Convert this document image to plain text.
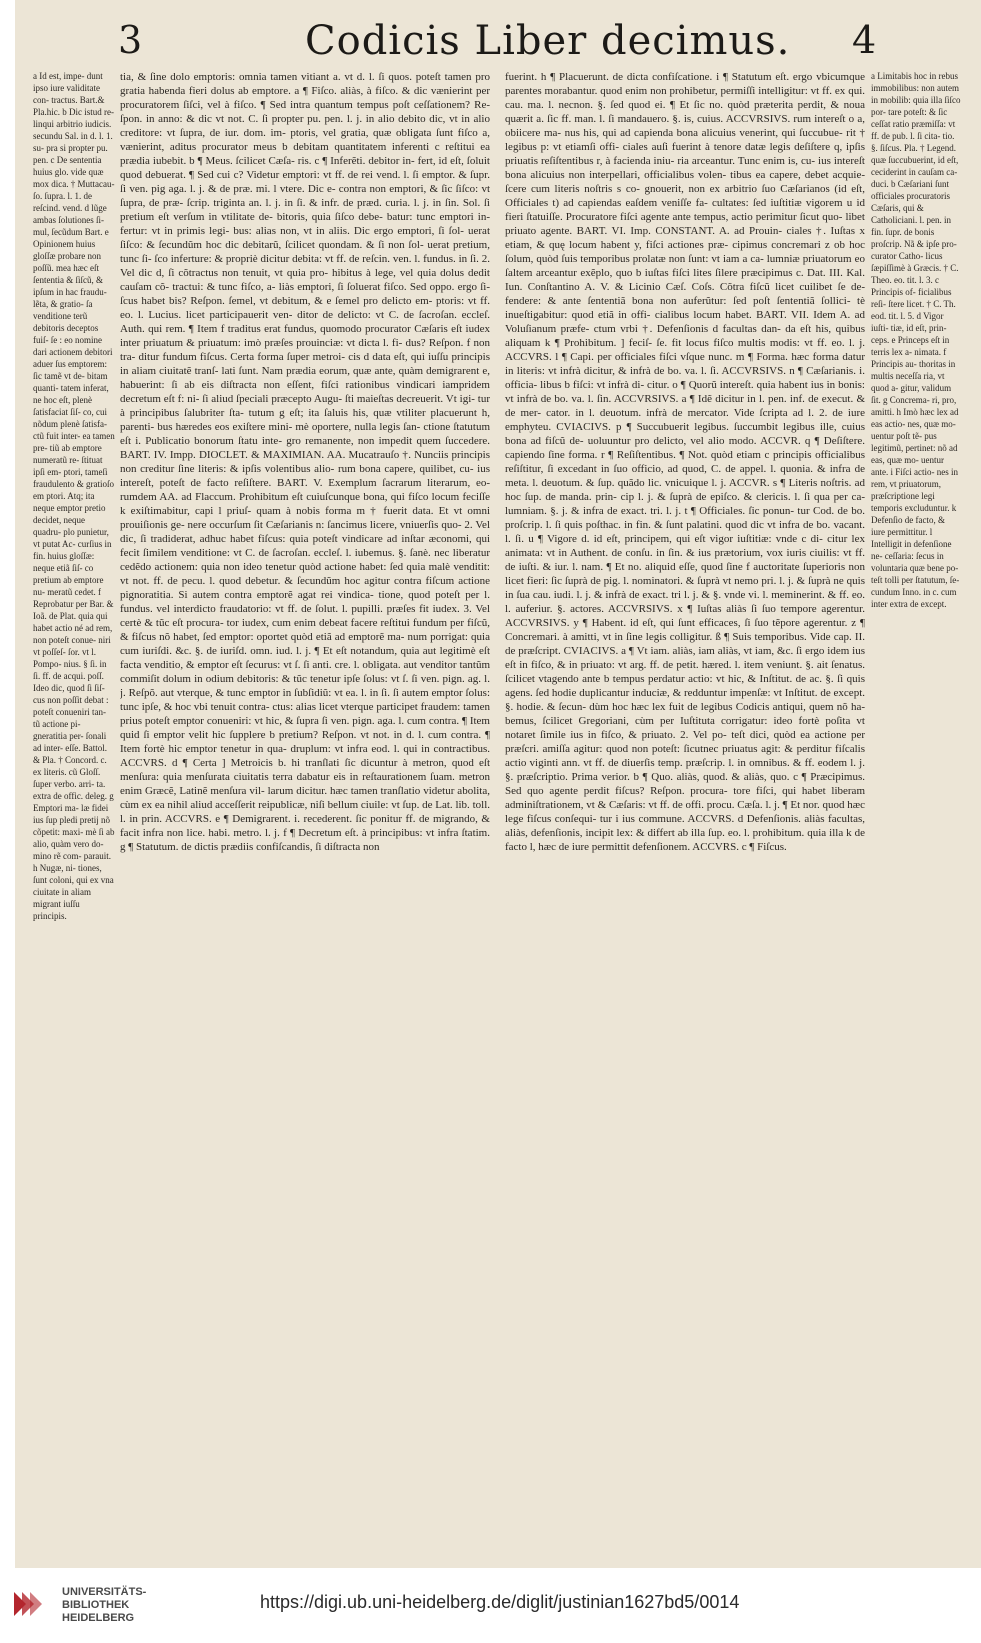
3	Codicis Liber decimus. 4

a Id est, impe- dunt ipso iure validitate con- tractus. Bart.& Pla.hic. b Dic istud re- linqui arbitrio iudicis. secundu Sal. in d. l. 1. su- pra si propter pu. pen. c De sententia huius glo. vide quæ mox dica. † Muttacau- ſo. ſupra. l. 1. de reſcind. vend. d lũge ambas ſolutiones ſi- mul, ſecũdum Bart. e Opinionem huius gloſſæ probare non poſſũ. mea hæc eſt ſententia & ſiſcũ, & ipſum in hac fraudu- lẽta, & gratio- ſa venditione terũ debitoris deceptos fuiſ- ſe : eo nomine dari actionem debitori aduer ſus emptorem: ſic tamẽ vt de- bitam quanti- tatem inferat, ne hoc eſt, plenè ſatisfaciat ſiſ- co, cui nõdum plenè ſatisfa- ctũ fuit inter- ea tamen pre- tiũ ab emptore numeratũ re- ſtituat ipſi em- ptori, tameſi fraudulento & gratioſo em ptori. Atq; ita neque emptor pretio decidet, neque quadru- plo punietur, vt putat Ac- curſius in fin. huius gloſſæ: neque etiã ſiſ- co pretium ab emptore nu- meratũ cedet. f Reprobatur per Bar. & Ioã. de Plat. quia qui habet actio né ad rem, non poteſt conue- niri vt poſſeſ- ſor. vt l. Pompo- nius. § ſi. in ſi. ff. de acqui. poſſ. Ideo dic, quod ſi ſiſ- cus non poſſit debat : poteſt conueniri tan- tũ actione pi- gneratitia per- ſonali ad inter- eſſe. Battol. & Pla. † Concord. c. ex literis. cũ Gloſſ. ſuper verbo. arri- ta. extra de offic. deleg. g Emptori ma- læ fidei ius ſup pledi pretij nõ cõpetit: maxi- mè ſi ab alio, quàm vero do- mino rẽ com- parauit. h Nugæ, ni- tiones, ſunt coloni, qui ex vna ciuitate in aliam migrant iuſſu principis.

tia, & ſine dolo emptoris: omnia tamen vitiant a. vt d. l. ſi quos. poteſt tamen pro gratia habenda fieri dolus ab emptore. a ¶ Fiſco. aliàs, à fiſco. & dic vænierint per procuratorem ſiſci, vel à fiſco. ¶ Sed intra quantum tempus poſt ceſſationem? Re- ſpon. in anno: & dic vt not. C. ſi propter pu. pen. l. j. in alio debito dic, vt in alio creditore: vt ſupra, de iur. dom. im- ptoris, vel gratia, quæ obligata ſunt fiſco a, vænierint, aditus procurator meus b debitam quantitatem inferenti c reſtitui ea prædia iubebit. b ¶ Meus. ſcilicet Cæſa- ris. c ¶ Inferẽti. debitor in- fert, id eſt, ſoluit quod debuerat. ¶ Sed cui c? Videtur emptori: vt ff. de rei vend. l. ſi emptor. & ſupr. ſi ven. pig aga. l. j. & de præ. mi. l vtere. Dic e- contra non emptori, & ſic ſiſco: vt ſupra, de præ- ſcrip. triginta an. l. j. in ſi. & infr. de præd. curia. l. j. in ſin. Sol. ſi pretium eſt verſum in vtilitate de- bitoris, quia ſiſco debe- batur: tunc emptori in- fertur: vt in primis legi- bus: alias non, vt in aliis. Dic ergo emptori, ſi ſol- uerat ſiſco: & ſecundũm hoc dic debitarũ, ſcilicet quondam. & ſi non ſol- uerat pretium, tunc ſi- ſco inferture: & propriè dicitur debita: vt ff. de reſcin. ven. l. fundus. in ſi. 2. Vel dic d, ſi cõtractus non tenuit, vt quia pro- hibitus à lege, vel quia dolus dedit cauſam cõ- tractui: & tunc fiſco, a- liàs emptori, ſi ſoluerat fiſco. Sed oppo. ergo ſi- ſcus habet bis? Reſpon. ſemel, vt debitum, & e ſemel pro delicto em- ptoris: vt ff. eo. l. Lucius. licet participauerit ven- ditor de delicto: vt C. de ſacroſan. eccleſ. Auth. qui rem. ¶ Item f traditus erat fundus, quomodo procurator Cæſaris eſt iudex inter priuatum & priuatum: imò præſes prouinciæ: vt dicta l. fi- dus? Reſpon. f non tra- ditur fundum fiſcus. Certa forma ſuper metroi- cis d data eſt, qui iuſſu principis in aliam ciuitatẽ tranſ- lati ſunt. Nam prædia eorum, quæ ante, quàm demigrarent e, habuerint: ſi ab eis diſtracta non eſſent, fiſci rationibus vindicari iampridem decretum eſt f: ni- ſi aliud ſpeciali præcepto Augu- ſti maieſtas decreuerit. Vt igi- tur à principibus ſalubriter ſta- tutum g eſt; ita ſaluis his, quæ vtiliter placuerunt h, parenti- bus hæredes eos exiſtere mini- mè oportere, nulla legis ſan- ctione ſtatutum eſt i. Publicatio bonorum ſtatu inte- gro remanente, non impedit quem ſuccedere. BART. IV. Impp. DIOCLET. & MAXIMIAN. AA. Mucatrauſo †. Nunciis principis non creditur ſine literis: & ipſis volentibus alio- rum bona capere, quilibet, cu- ius intereſt, poteſt de facto reſiſtere. BART. V. Exemplum ſacrarum literarum, eo- rumdem AA. ad Flaccum. Prohibitum eſt cuiuſcunque bona, qui fiſco locum feciſſe k exiſtimabitur, capi l priuſ- quam à nobis forma m † fuerit data. Et vt omni prouiſionis ge- nere occurſum ſit Cæſarianis n: ſancimus licere, vniuerſis quo- 2. Vel dic, ſi tradiderat, adhuc habet fiſcus: quia poteſt vindicare ad inſtar æconomi, qui fecit ſimilem venditione: vt C. de ſacroſan. eccleſ. l. iubemus. §. ſanè. nec liberatur cedẽdo actionem: quia non ideo tenetur quòd actione habet: ſed quia malè venditit: vt not. ff. de pecu. l. quod debetur. & ſecundũm hoc agitur contra fiſcum actione pignoratitia. Si autem contra emptorẽ agat rei vindica- tione, quod poteſt per l. fundus. vel interdicto fraudatorio: vt ff. de ſolut. l. pupilli. præſes fit iudex. 3. Vel certè & tũc eſt procura- tor iudex, cum enim debeat facere reſtitui fundum per fiſcũ, & fiſcus nõ habet, ſed emptor: oportet quòd etiã ad emptorẽ ma- num porrigat: quia cum iuriſdi. &c. §. de iuriſd. omn. iud. l. j. ¶ Et eſt notandum, quia aut legitimè eſt facta venditio, & emptor eſt ſecurus: vt ſ. ſi anti. cre. l. obligata. aut venditor tantũm commiſit dolum in odium debitoris: & tũc tenetur ipſe ſolus: vt ſ. ſi ven. pign. ag. l. j. Reſpõ. aut vterque, & tunc emptor in ſubſidiũ: vt ea. l. in ſi. ſi autem emptor ſolus: tunc ipſe, & hoc vbi tenuit contra- ctus: alias licet vterque participet fraudem: tamen prius poteſt emptor conueniri: vt hic, & ſupra ſi ven. pign. aga. l. cum contra. ¶ Item quid ſi emptor velit hic ſupplere b pretium? Reſpon. vt not. in d. l. cum contra. ¶ Item fortè hic emptor tenetur in qua- druplum: vt infra eod. l. qui in contractibus. ACCVRS. d ¶ Certa ] Metroicis b. hi tranſlati ſic dicuntur à metron, quod eſt menſura: quia menſurata ciuitatis terra dabatur eis in reſtaurationem ſuam. metron enim Græcẽ, Latinẽ menſura vil- larum dicitur. hæc tamen tranſlatio videtur abolita, cùm ex ea nihil aliud acceſſerit reipublicæ, niſi bellum ciuile: vt ſup. de Lat. lib. toll. l. in prin. ACCVRS. e ¶ Demigrarent. i. recederent. ſic ponitur ff. de migrando, & facit infra non lice. habi. metro. l. j. f ¶ Decretum eſt. à principibus: vt infra ſtatim. g ¶ Statutum. de dictis prædiis confiſcandis, ſi diſtracta non

fuerint. h ¶ Placuerunt. de dicta confiſcatione. i ¶ Statutum eſt. ergo vbicumque parentes morabantur. quod enim non prohibetur, permiſſi intelligitur: vt ff. ex qui. cau. ma. l. necnon. §. ſed quod ei. ¶ Et ſic no. quòd præterita perdit, & noua quærit a. ſic ff. man. l. ſi mandauero. §. is, cuius. ACCVRSIVS. rum intereſt o a, obiicere ma- nus his, qui ad capienda bona alicuius venerint, qui ſuccubue- rit † legibus p: vt etiamſi offi- ciales auſi fuerint à tenore datæ legis deſiſtere q, ipſis priuatis reſiſtentibus r, à facienda iniu- ria arceantur. Tunc enim is, cu- ius intereſt bona alicuius non interpellari, officialibus volen- tibus ea capere, debet acquie- ſcere cum literis noſtris s co- gnouerit, non ex arbitrio ſuo Cæſarianos (id eſt, Officiales t) ad capiendas eaſdem veniſſe fa- cultates: ſed iuſtitiæ vigorem u id fieri ſtatuiſſe. Procuratore fiſci agente ante tempus, actio perimitur ſicut quo- libet priuato agente. BART. VI. Imp. CONSTANT. A. ad Prouin- ciales †. Iuſtas x etiam, & quę locum habent y, fiſci actiones præ- cipimus concremari z ob hoc ſolum, quòd ſuis temporibus prolatæ non ſunt: vt iam a ca- lumniæ priuatorum eo ſaltem arceantur exẽplo, quo b iuſtas fiſci lites ſilere præcipimus c. Dat. III. Kal. Iun. Conſtantino A. V. & Licinio Cæſ. Coſs. Cõtra fiſcũ licet cuilibet ſe de- fendere: & ante ſententiã bona non auferũtur: ſed poſt ſententiã ſollici- tè inueſtigabitur: quod etiã in offi- cialibus locum habet. BART. VII. Idem A. ad Voluſianum præfe- ctum vrbi †. Defenſionis d facultas dan- da eſt his, quibus aliquam k ¶ Prohibitum. ] feciſ- ſe. fit locus fiſco multis modis: vt ff. eo. l. j. ACCVRS. l ¶ Capi. per officiales fiſci vſque nunc. m ¶ Forma. hæc forma datur in literis: vt infrà dicitur, & infrà de bo. va. l. ſi. ACCVRSIVS. n ¶ Cæſarianis. i. officia- libus b fiſci: vt infrà di- citur. o ¶ Quorũ intereſt. quia habent ius in bonis: vt infrà de bo. va. l. ſin. ACCVRSIVS. a ¶ Idẽ dicitur in l. pen. inf. de execut. & de mer- cator. in l. deuotum. infrà de mercator. Vide ſcripta ad l. 2. de iure emphyteu. CVIACIVS. p ¶ Succubuerit legibus. ſuccumbit legibus ille, cuius bona ad fiſcũ de- uoluuntur pro delicto, vel alio modo. ACCVR. q ¶ Deſiſtere. capiendo ſine forma. r ¶ Reſiſtentibus. ¶ Not. quòd etiam c principis officialibus reſiſtitur, ſi excedant in ſuo officio, ad quod, C. de appel. l. quonia. & infra de meta. l. deuotum. & ſup. quãdo lic. vnicuique l. j. ACCVR. s ¶ Literis noſtris. ad hoc ſup. de manda. prin- cip l. j. & ſuprà de epiſco. & clericis. l. ſi qua per ca- lumniam. §. j. & infra de exact. tri. l. j. t ¶ Officiales. ſic ponun- tur Cod. de bo. proſcrip. l. ſi quis poſthac. in fin. & ſunt palatini. quod dic vt infra de bo. vacant. l. ſi. u ¶ Vigore d. id eſt, principem, qui eſt vigor iuſtitiæ: vnde c di- citur lex animata: vt in Authent. de conſu. in ſin. & ius prætorium, vox iuris ciuilis: vt ff. de iuſti. & iur. l. nam. ¶ Et no. aliquid eſſe, quod ſine f auctoritate ſuperioris non licet fieri: ſic ſuprà de pig. l. nominatori. & ſuprà vt nemo pri. l. j. & ſuprà ne quis in ſua cau. iudi. l. j. & infrà de exact. tri l. j. & §. vnde vi. l. meminerint. & ff. eo. l. auferiur. §. actores. ACCVRSIVS. x ¶ Iuſtas aliàs ſi ſuo tempore agerentur. ACCVRSIVS. y ¶ Habent. id eſt, qui ſunt efficaces, ſi ſuo tẽpore agerentur. z ¶ Concremari. à amitti, vt in ſine legis colligitur. ß ¶ Suis temporibus. Vide cap. II. de præſcript. CVIACIVS. a ¶ Vt iam. aliàs, iam aliàs, vt iam, &c. ſi ergo idem ius eſt in fiſco, & in priuato: vt arg. ff. de petit. hæred. l. item veniunt. §. ait ſenatus. ſcilicet vtagendo ante b tempus perdatur actio: vt hic, & Inſtitut. de ac. §. ſi quis agens. ſed hodie duplicantur induciæ, & redduntur impenſæ: vt Inſtitut. de except. §. hodie. & ſecun- dùm hoc hæc lex fuit de legibus Codicis antiqui, quem nõ ha- bemus, ſcilicet Gregoriani, cùm per Iuſtituta corrigatur: ideo fortè poſita vt notaret ſimile ius in fiſco, & priuato. 2. Vel po- teſt dici, quòd ea actione per præſcri. amiſſa agitur: quod non poteſt: ſicutnec priuatus agit: & perditur fiſcalis actio viginti ann. vt ff. de diuerſis temp. præſcrip. l. in omnibus. & ff. eodem l. j. §. præſcriptio. Prima verior. b ¶ Quo. aliàs, quod. & aliàs, quo. c ¶ Præcipimus. Sed quo agente perdit fiſcus? Reſpon. procura- tore fiſci, qui habet liberam adminiſtrationem, vt & Cæſaris: vt ff. de offi. procu. Cæſa. l. j. ¶ Et nor. quod hæc lege fiſcus conſequi- tur i ius commune. ACCVRS. d Defenſionis. aliàs facultas, aliàs, defenſionis, incipit lex: & differt ab illa ſup. eo. l. prohibitum. quia illa k de facto l, hæc de iure permittit defenſionem. ACCVRS. c ¶ Fiſcus.

a Limitabis hoc in rebus immobilibus: non autem in mobilib: quia illa ſiſco por- tare poteſt: & ſic ceſſat ratio præmiſſa: vt ff. de pub. l. ſi cita- tio. §. ſiſcus. Pla. † Legend. quæ ſuccubuerint, id eſt, ceciderint in cauſam ca- duci. b Cæſariani ſunt officiales procuratoris Cæſaris, qui & Catholiciani. l. pen. in fin. ſupr. de bonis proſcrip. Nã & ipſe pro- curator Catho- licus ſæpiſſimè à Græcis. † C. Theo. eo. tit. l. 3. c Principis of- ficialibus reſi- ſtere licet. † C. Th. eod. tit. l. 5. d Vigor iuſti- tiæ, id eſt, prin- ceps. e Princeps eſt in terris lex a- nimata. f Principis au- thoritas in multis neceſſa ria, vt quod a- gitur, validum ſit. g Concrema- ri, pro, amitti. h Imò hæc lex ad eas actio- nes, quæ mo- uentur poſt tẽ- pus legitimũ, pertinet: nõ ad eas, quæ mo- uentur ante. i Fiſci actio- nes in rem, vt priuatorum, præſcriptione legi temporis excluduntur. k Defenſio de facto, & iure permittitur. l Intelligit in defenſione ne- ceſſaria: ſecus in voluntaria quæ bene po- teſt tolli per ſtatutum, ſe- cundum Inno. in c. cum inter extra de except.

UNIVERSITÄTS-
BIBLIOTHEK
HEIDELBERG
https://digi.ub.uni-heidelberg.de/diglit/justinian1627bd5/0014
